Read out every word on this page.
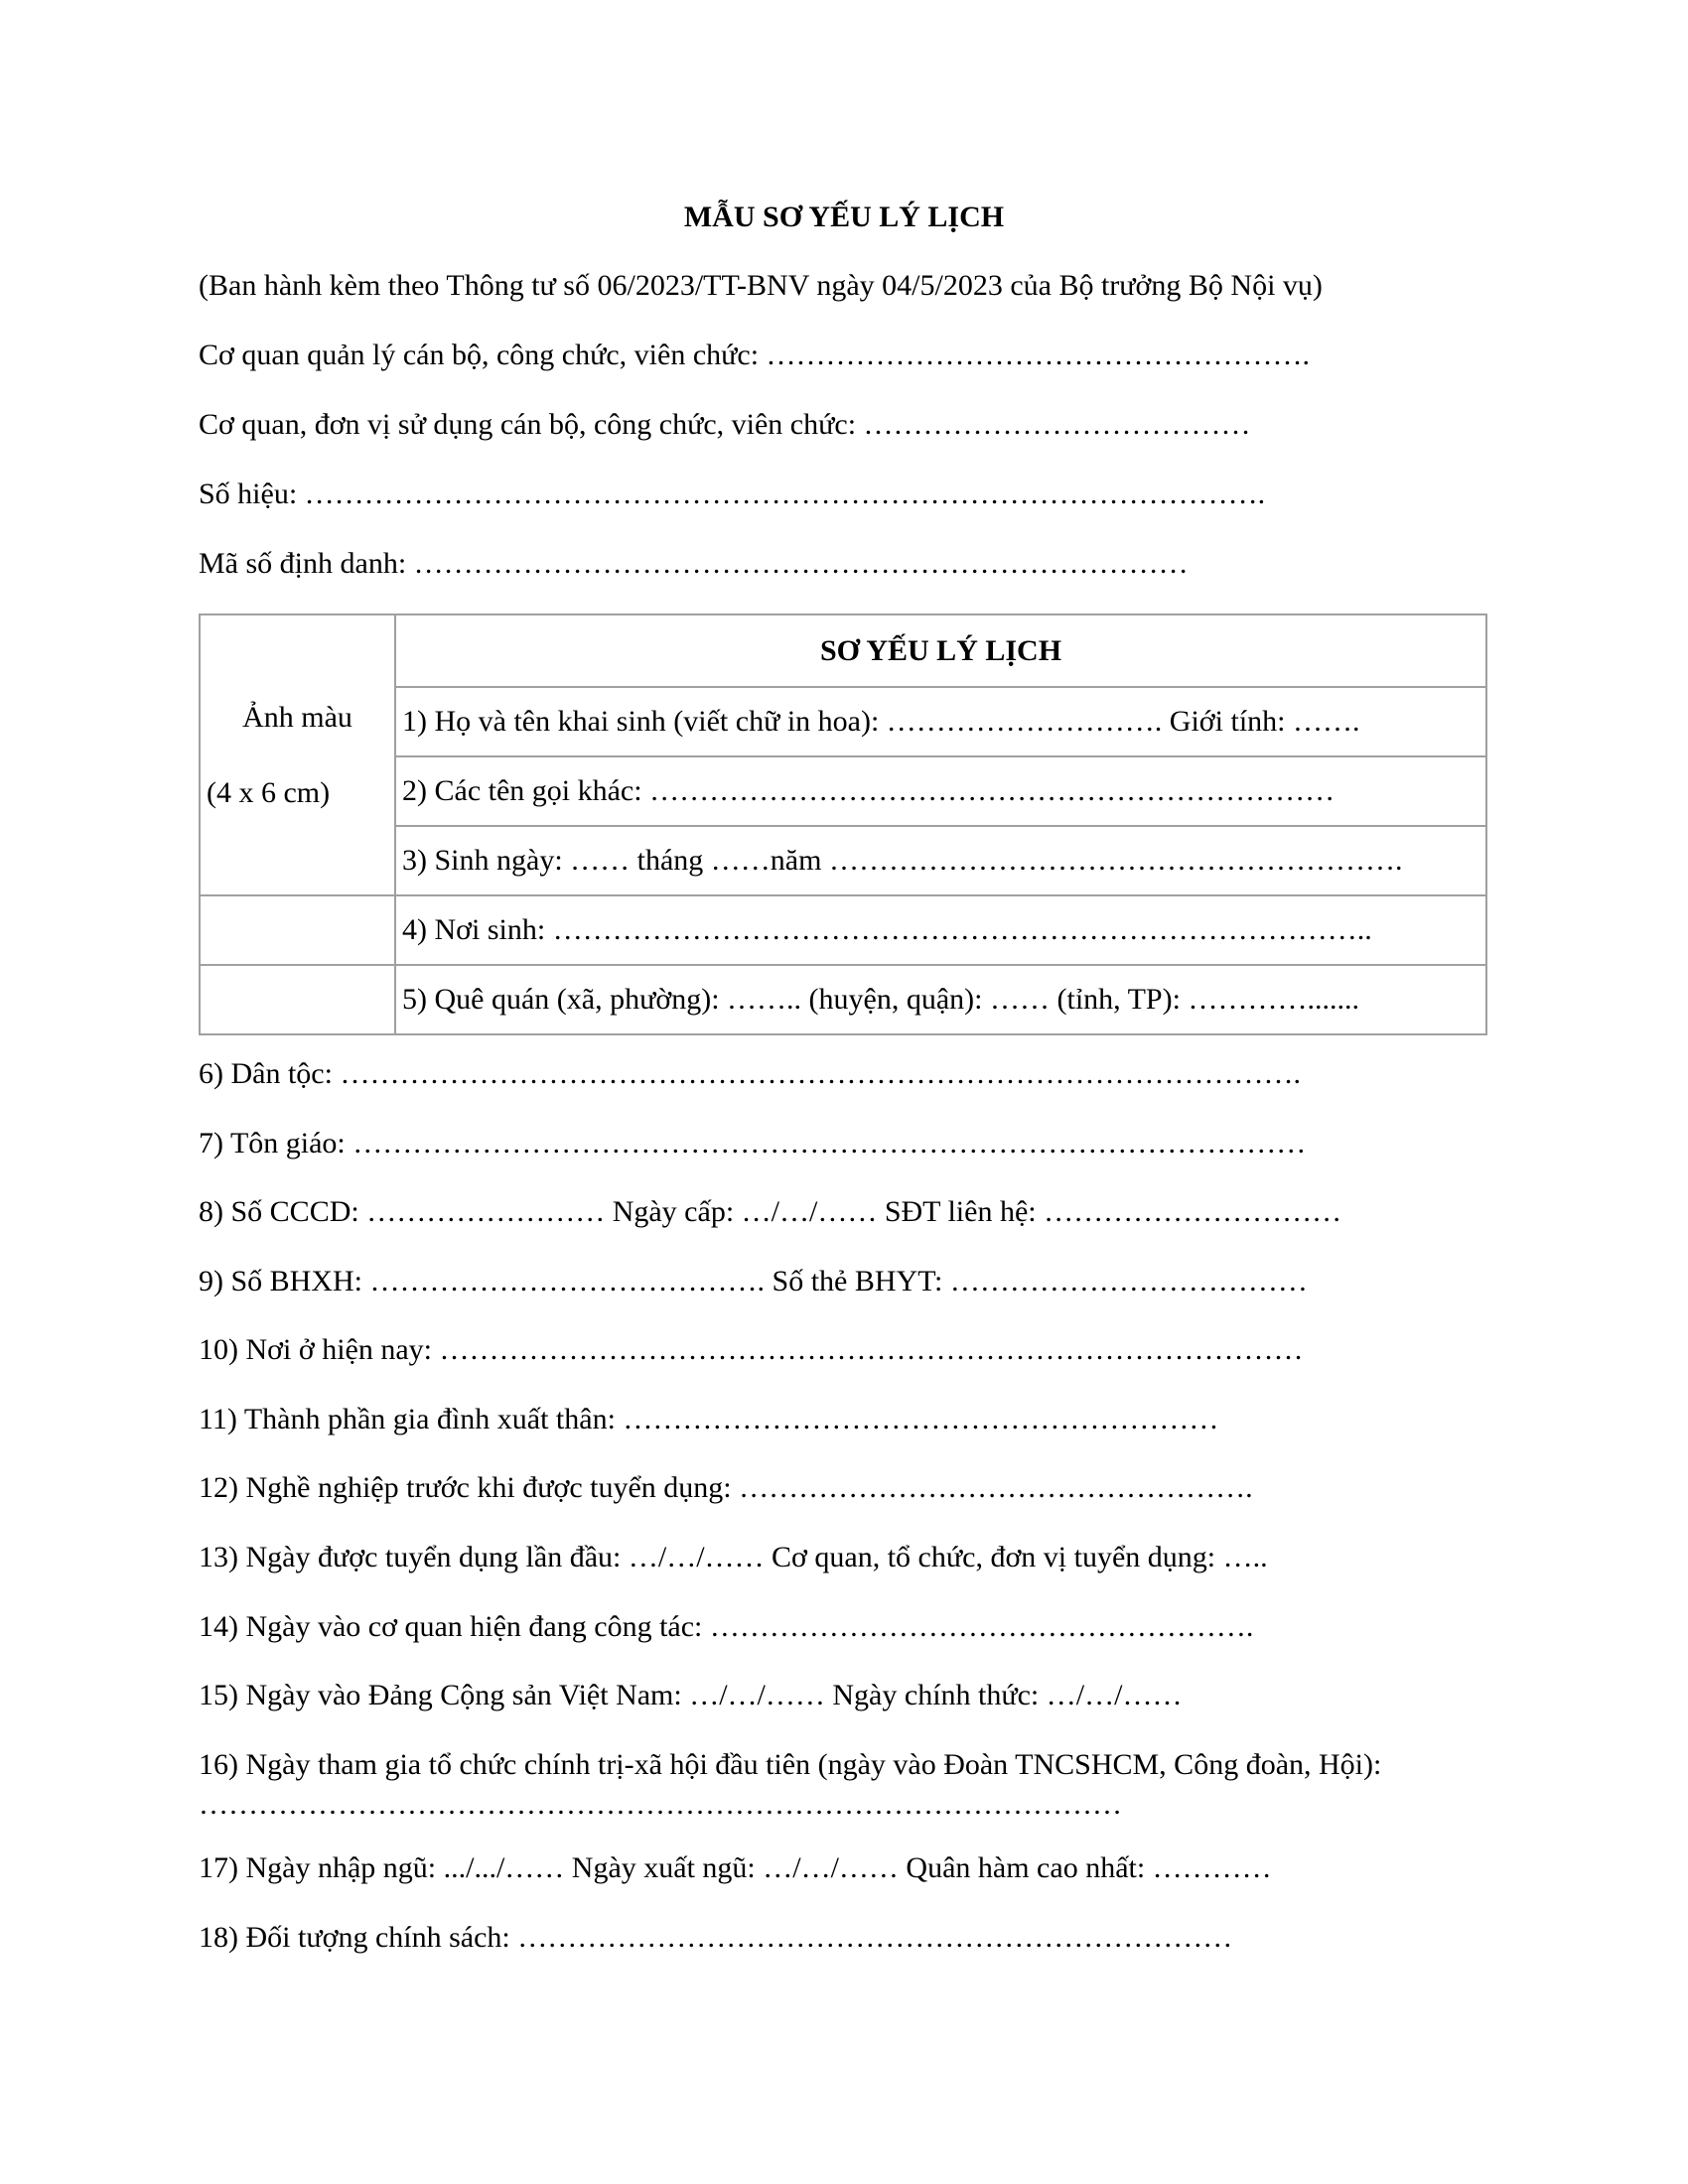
MẪU SƠ YẾU LÝ LỊCH
(Ban hành kèm theo Thông tư số 06/2023/TT-BNV ngày 04/5/2023 của Bộ trưởng Bộ Nội vụ)
Cơ quan quản lý cán bộ, công chức, viên chức: ……………………………………………….
Cơ quan, đơn vị sử dụng cán bộ, công chức, viên chức: …………………………………
Số hiệu: …………………………………………………………………………………….
Mã số định danh: ……………………………………………………………………
Ảnh màu
(4 x 6 cm)	SƠ YẾU LÝ LỊCH
	1) Họ và tên khai sinh (viết chữ in hoa): ………………………. Giới tính: …….
	2) Các tên gọi khác: ……………………………………………………………
	3) Sinh ngày: …… tháng ……năm ………………………………………………….
	4) Nơi sinh: ………………………………………………………………………..
	5) Quê quán (xã, phường): …….. (huyện, quận): …… (tỉnh, TP): ………….......
6) Dân tộc: …………………………………………………………………………………….
7) Tôn giáo: ……………………………………………………………………………………
8) Số CCCD: …………………… Ngày cấp: …/…/…… SĐT liên hệ: …………………………
9) Số BHXH: …………………………………. Số thẻ BHYT: ………………………………
10) Nơi ở hiện nay: ……………………………………………………………………………
11) Thành phần gia đình xuất thân: ……………………………………………………
12) Nghề nghiệp trước khi được tuyển dụng: …………………………………………….
13) Ngày được tuyển dụng lần đầu: …/…/…… Cơ quan, tổ chức, đơn vị tuyển dụng: …..
14) Ngày vào cơ quan hiện đang công tác: ……………………………………………….
15) Ngày vào Đảng Cộng sản Việt Nam: …/…/…… Ngày chính thức: …/…/……
16) Ngày tham gia tổ chức chính trị-xã hội đầu tiên (ngày vào Đoàn TNCSHCM, Công đoàn, Hội): …………………………………………………………………………………
17) Ngày nhập ngũ: .../.../…… Ngày xuất ngũ: …/…/…… Quân hàm cao nhất: …………
18) Đối tượng chính sách: ………………………………………………………………
